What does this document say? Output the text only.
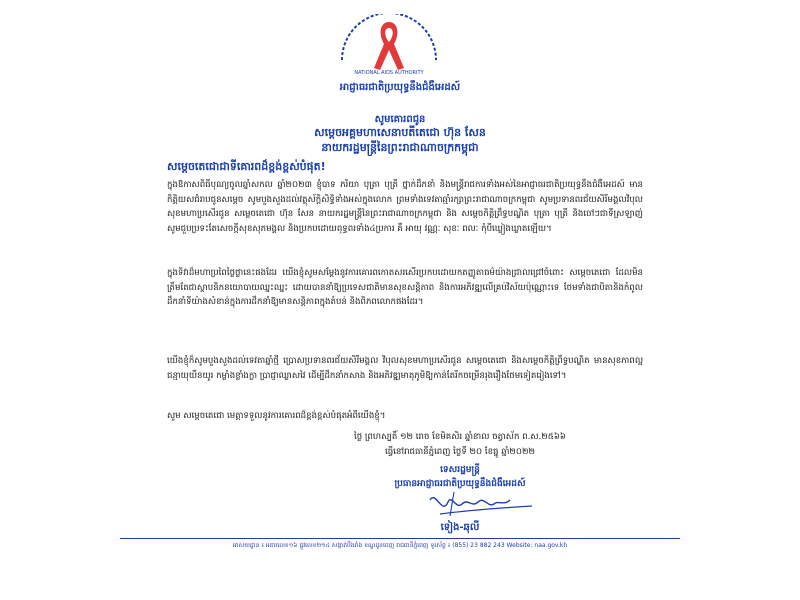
NATIONAL AIDS AUTHORITY
អាជ្ញាធរជាតិប្រយុទ្ធនឹងជំងឺអេដស៍
សូមគោរពជូន
សម្តេចអគ្គមហាសេនាបតីតេជោ ហ៊ុន សែន
នាយករដ្ឋមន្ត្រីនៃព្រះរាជាណាចក្រកម្ពុជា
សម្តេចតេជោជាទីគោរពដ៏ខ្ពង់ខ្ពស់បំផុត!
ក្នុងឱកាសពិធីបុណ្យចូលឆ្នាំសកល ឆ្នាំ២០២៣ ខ្ញុំបាទ ភរិយា បុត្រា បុត្រី ថ្នាក់ដឹកនាំ និងមន្ត្រីរាជការទាំងអស់នៃអាជ្ញាធរជាតិប្រយុទ្ធនឹងជំងឺអេដស៍ មានកិត្តិយសជំរាបជូនសម្តេច សូមបួងសួងដល់វត្ថុស័ក្តិសិទ្ធិទាំងអស់ក្នុងលោក ព្រមទាំងទេវតាឆ្មាំរក្សាព្រះរាជាណាចក្រកម្ពុជា សូមប្រទានពរជ័យសិរីមង្គលវិបុលសុខមហាប្រសើរជូន សម្តេចតេជោ ហ៊ុន សែន នាយករដ្ឋមន្ត្រីនៃព្រះរាជាណាចក្រកម្ពុជា និង សម្តេចកិត្តិព្រឹទ្ធបណ្ឌិត បុត្រា បុត្រី និងចៅៗជាទីស្រឡាញ់ សូមជួបប្រទះតែសេចក្តីសុខសុភមង្គល និងប្រកបដោយពុទ្ធពរទាំង៤ប្រការ គឺ អាយុ វណ្ណៈ សុខៈ ពលៈ កុំបីឃ្លៀងឃ្លាតឡើយ។
ក្នុងទិវាដ៏មហាប្រពៃថ្លៃថ្លានេះផងដែរ យើងខ្ញុំសូមសម្តែងនូវការគោរពកោតសរសើរប្រកបដោយកតញ្ញូតាធម៌យ៉ាងជ្រាលជ្រៅចំពោះ សម្តេចតេជោ ដែលមិនត្រឹមតែជាស្ថាបនិកនយោបាយឈ្នះឈ្នះ ដោយបាននាំឱ្យប្រទេសជាតិមានសុខសន្តិភាព និងការអភិវឌ្ឍលើគ្រប់វិស័យប៉ុណ្ណោះទេ ថែមទាំងជាបិតានិងកំពូលដឹកនាំទីយ៉ាងសំខាន់ក្នុងការដឹកនាំឱ្យមានសន្តិភាពក្នុងតំបន់ និងពិភពលោកផងដែរ។
យើងខ្ញុំក៏សូមបួងសួងដល់ទេវតាឆ្នាំថ្មី ប្រោសប្រទានពរជ័យសិរីមង្គល វិបុលសុខមហាប្រសើរជូន សម្តេចតេជោ និងសម្តេចកិត្តិព្រឹទ្ធបណ្ឌិត មានសុខភាពល្អ ជន្មាយុយឺនយូរ កម្លាំងខ្លាំងក្លា ប្រាជ្ញាឈ្លាសវៃ ដើម្បីដឹកនាំកសាង និងអភិវឌ្ឍមាតុភូមិឱ្យកាន់តែរីកចម្រើនរុងរឿងថែមទៀតរៀងទៅ។
សូម សម្តេចតេជោ មេត្តាទទួលនូវការគោរពដ៏ខ្ពង់ខ្ពស់បំផុតអំពីយើងខ្ញុំ។
ថ្ងៃ ព្រហស្បតិ៍ ១២ រោច ខែមិគសិរ ឆ្នាំខាល ចត្វាស័ក ព.ស.២៥៦៦
ធ្វើនៅរាជធានីភ្នំពេញ ថ្ងៃទី ២០ ខែធ្នូ ឆ្នាំ២០២២
ទេសរដ្ឋមន្ត្រី
ប្រធានអាជ្ញាធរជាតិប្រយុទ្ធនឹងជំងឺអេដស៍
ទៀង-ឆុលី
អាសយដ្ឋាន ៖ អគារលេខ១៦ ផ្លូវលេខ២១៤ សង្កាត់បឹងរាំង ខណ្ឌដូនពេញ រាជធានីភ្នំពេញ ទូរស័ព្ទ ៖ (855) 23 882 243 Website: naa.gov.kh
